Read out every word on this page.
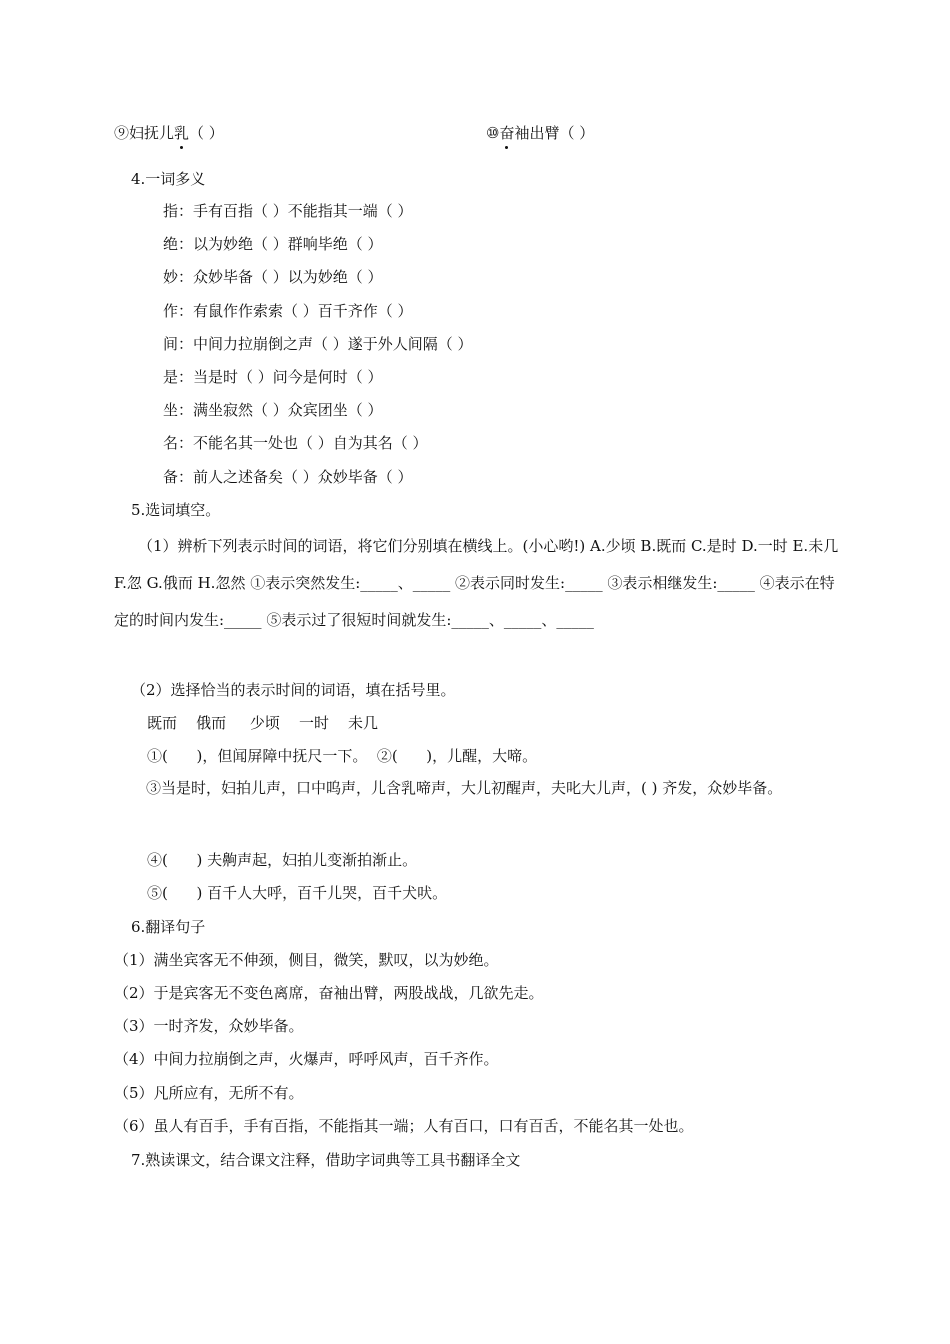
⑨妇抚儿乳（ ）	⑩奋袖出臂（ ）
4.一词多义
指：手有百指（ ）不能指其一端（ ）
绝：以为妙绝（ ）群响毕绝（ ）
妙：众妙毕备（ ）以为妙绝（ ）
作：有鼠作作索索（ ）百千齐作（ ）
间：中间力拉崩倒之声（ ）遂于外人间隔（ ）
是：当是时（ ）问今是何时（ ）
坐：满坐寂然（ ）众宾团坐（ ）
名：不能名其一处也（ ）自为其名（ ）
备：前人之述备矣（ ）众妙毕备（ ）
5.选词填空。
（1）辨析下列表示时间的词语，将它们分别填在横线上。(小心哟!) A.少顷 B.既而 C.是时 D.一时 E.未几 F.忽 G.俄而 H.忽然 ①表示突然发生:_____、_____ ②表示同时发生:_____ ③表示相继发生:_____ ④表示在特定的时间内发生:_____ ⑤表示过了很短时间就发生:_____、_____、_____
（2）选择恰当的表示时间的词语，填在括号里。
既而    俄而     少顷    一时    未几
①(      )，但闻屏障中抚尺一下。  ②(      )，儿醒，大啼。
③当是时，妇拍儿声，口中呜声，儿含乳啼声，大儿初醒声，夫叱大儿声，( ) 齐发，众妙毕备。
④(      ) 夫齁声起，妇拍儿变渐拍渐止。
⑤(      ) 百千人大呼，百千儿哭，百千犬吠。
6.翻译句子
（1）满坐宾客无不伸颈，侧目，微笑，默叹，以为妙绝。
（2）于是宾客无不变色离席，奋袖出臂，两股战战，几欲先走。
（3）一时齐发，众妙毕备。
（4）中间力拉崩倒之声，火爆声，呼呼风声，百千齐作。
（5）凡所应有，无所不有。
（6）虽人有百手，手有百指，不能指其一端；人有百口，口有百舌，不能名其一处也。
7.熟读课文，结合课文注释，借助字词典等工具书翻译全文
